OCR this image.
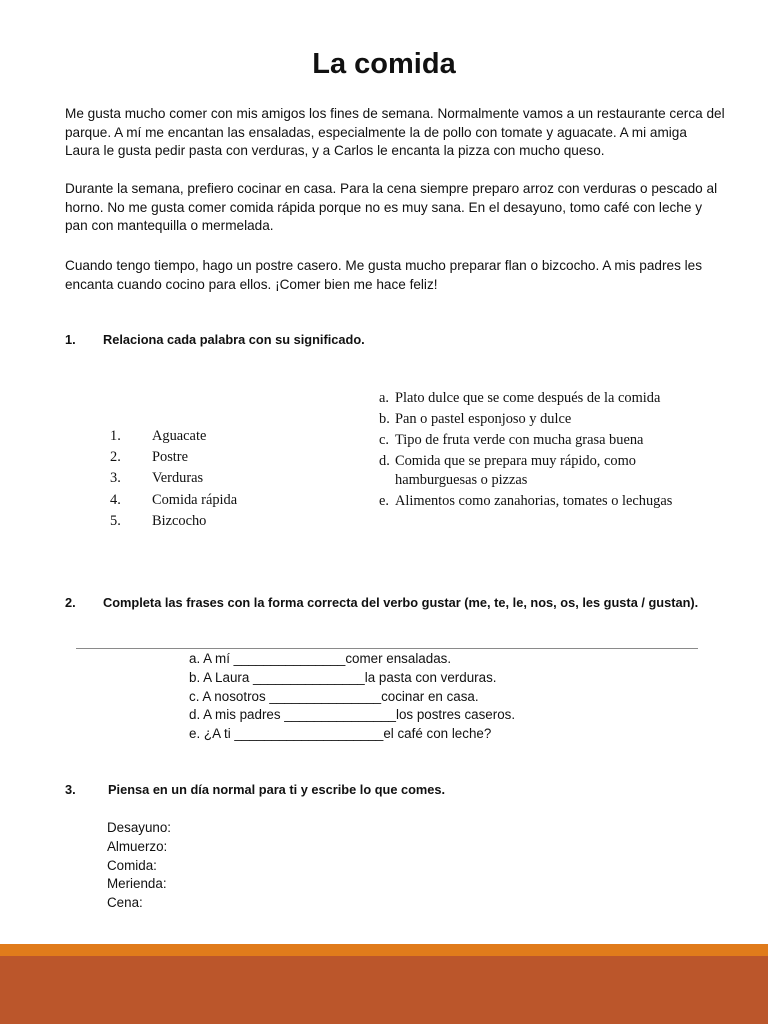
La comida

Me gusta mucho comer con mis amigos los fines de semana. Normalmente vamos a un restaurante cerca del parque. A mí me encantan las ensaladas, especialmente la de pollo con tomate y aguacate. A mi amiga Laura le gusta pedir pasta con verduras, y a Carlos le encanta la pizza con mucho queso.

Durante la semana, prefiero cocinar en casa. Para la cena siempre preparo arroz con verduras o pescado al horno. No me gusta comer comida rápida porque no es muy sana. En el desayuno, tomo café con leche y pan con mantequilla o mermelada.

Cuando tengo tiempo, hago un postre casero. Me gusta mucho preparar flan o bizcocho. A mis padres les encanta cuando cocino para ellos. ¡Comer bien me hace feliz!

1. Relaciona cada palabra con su significado.
1. Aguacate
2. Postre
3. Verduras
4. Comida rápida
5. Bizcocho
a. Plato dulce que se come después de la comida
b. Pan o pastel esponjoso y dulce
c. Tipo de fruta verde con mucha grasa buena
d. Comida que se prepara muy rápido, como hamburguesas o pizzas
e. Alimentos como zanahorias, tomates o lechugas
2. Completa las frases con la forma correcta del verbo gustar (me, te, le, nos, os, les gusta / gustan).
a. A mí _______________comer ensaladas.
b. A Laura _______________la pasta con verduras.
c. A nosotros _______________cocinar en casa.
d. A mis padres _______________los postres caseros.
e. ¿A ti ____________________el café con leche?
3.	Piensa en un día normal para ti y escribe lo que comes.
Desayuno:
Almuerzo:
Comida:
Merienda:
Cena:
